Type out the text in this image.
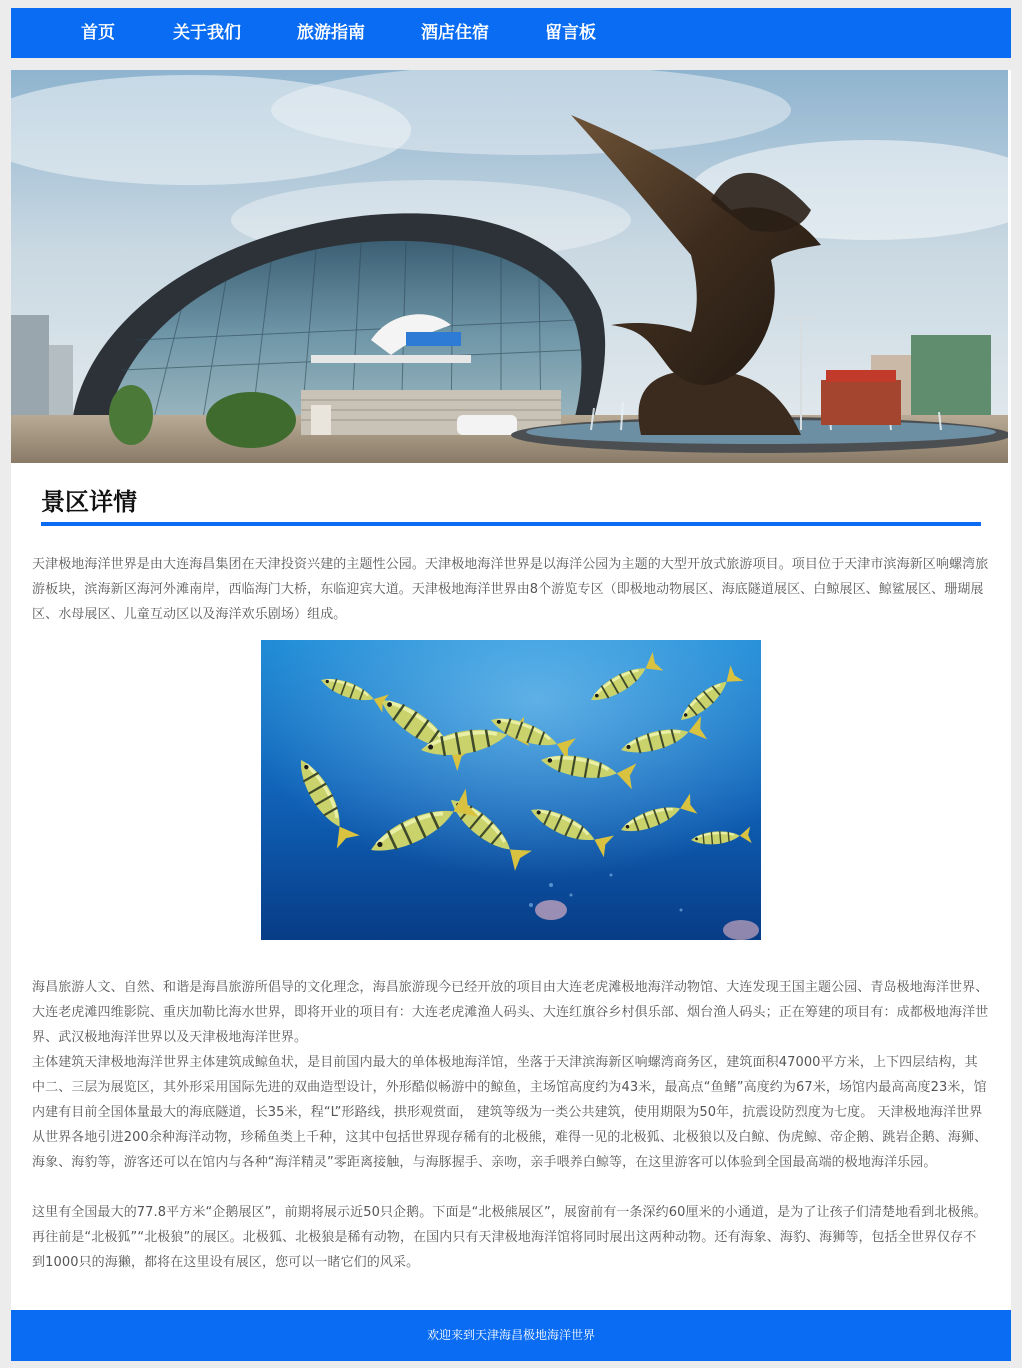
首页	关于我们	旅游指南	酒店住宿	留言板
景区详情

天津极地海洋世界是由大连海昌集团在天津投资兴建的主题性公园。天津极地海洋世界是以海洋公园为主题的大型开放式旅游项目。项目位于天津市滨海新区响螺湾旅游板块，滨海新区海河外滩南岸，西临海门大桥，东临迎宾大道。天津极地海洋世界由8个游览专区（即极地动物展区、海底隧道展区、白鲸展区、鲸鲨展区、珊瑚展区、水母展区、儿童互动区以及海洋欢乐剧场）组成。

海昌旅游人文、自然、和谐是海昌旅游所倡导的文化理念，海昌旅游现今已经开放的项目由大连老虎滩极地海洋动物馆、大连发现王国主题公园、青岛极地海洋世界、大连老虎滩四维影院、重庆加勒比海水世界，即将开业的项目有：大连老虎滩渔人码头、大连红旗谷乡村俱乐部、烟台渔人码头；正在筹建的项目有：成都极地海洋世界、武汉极地海洋世界以及天津极地海洋世界。

主体建筑天津极地海洋世界主体建筑成鲸鱼状，是目前国内最大的单体极地海洋馆，坐落于天津滨海新区响螺湾商务区，建筑面积47000平方米，上下四层结构，其中二、三层为展览区，其外形采用国际先进的双曲造型设计，外形酷似畅游中的鲸鱼，主场馆高度约为43米，最高点“鱼鳍”高度约为67米，场馆内最高高度23米，馆内建有目前全国体量最大的海底隧道，长35米，程“L”形路线，拱形观赏面， 建筑等级为一类公共建筑，使用期限为50年，抗震设防烈度为七度。 天津极地海洋世界从世界各地引进200余种海洋动物，珍稀鱼类上千种，这其中包括世界现存稀有的北极熊，难得一见的北极狐、北极狼以及白鲸、伪虎鲸、帝企鹅、跳岩企鹅、海狮、海象、海豹等，游客还可以在馆内与各种“海洋精灵”零距离接触，与海豚握手、亲吻，亲手喂养白鲸等，在这里游客可以体验到全国最高端的极地海洋乐园。

这里有全国最大的77.8平方米“企鹅展区”，前期将展示近50只企鹅。下面是“北极熊展区”，展窗前有一条深约60厘米的小通道，是为了让孩子们清楚地看到北极熊。再往前是“北极狐”“北极狼”的展区。北极狐、北极狼是稀有动物，在国内只有天津极地海洋馆将同时展出这两种动物。还有海象、海豹、海狮等，包括全世界仅存不到1000只的海獭，都将在这里设有展区，您可以一睹它们的风采。

欢迎来到天津海昌极地海洋世界
